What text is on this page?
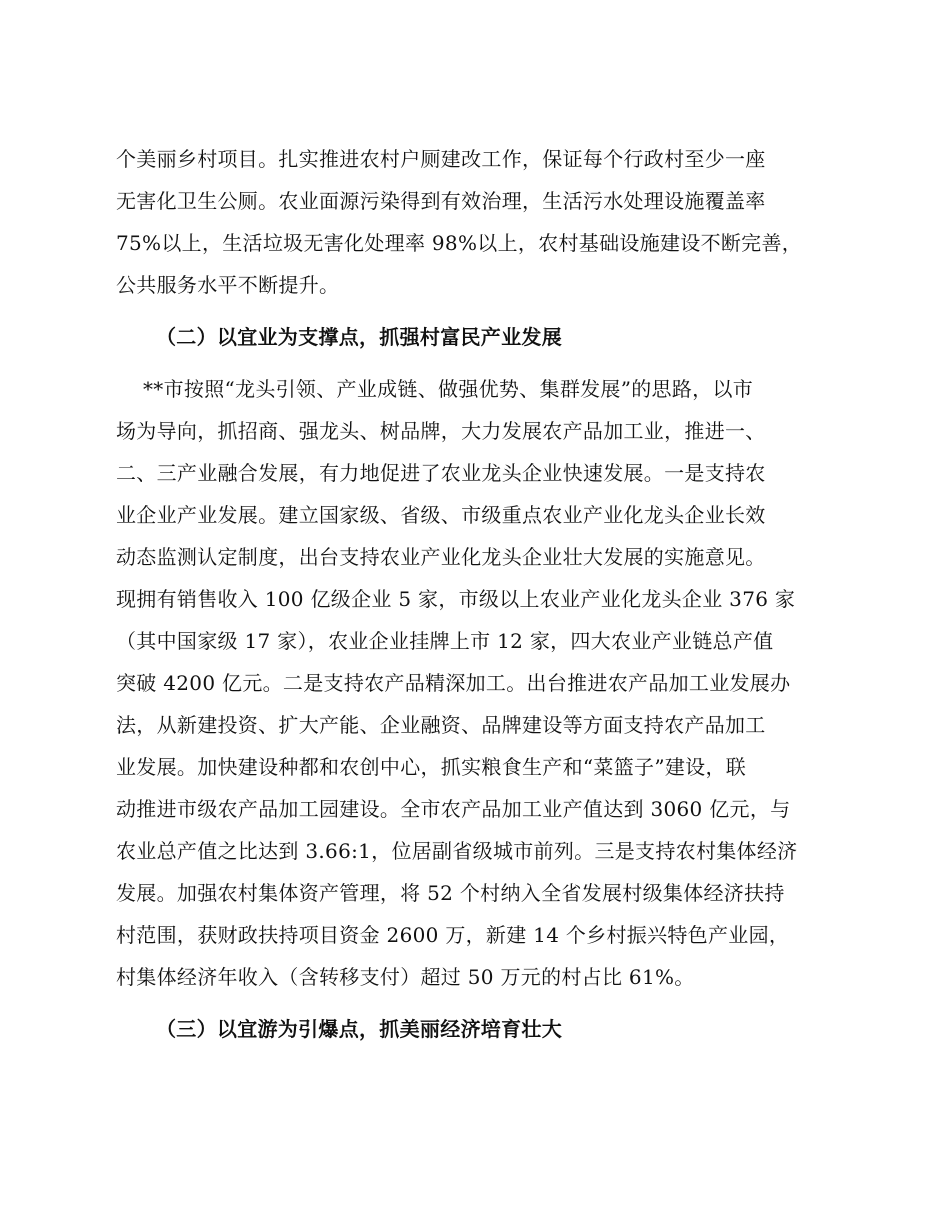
个美丽乡村项目。扎实推进农村户厕建改工作，保证每个行政村至少一座
无害化卫生公厕。农业面源污染得到有效治理，生活污水处理设施覆盖率
75%以上，生活垃圾无害化处理率 98%以上，农村基础设施建设不断完善，
公共服务水平不断提升。
（二）以宜业为支撑点，抓强村富民产业发展
**市按照“龙头引领、产业成链、做强优势、集群发展”的思路，以市
场为导向，抓招商、强龙头、树品牌，大力发展农产品加工业，推进一、
二、三产业融合发展，有力地促进了农业龙头企业快速发展。一是支持农
业企业产业发展。建立国家级、省级、市级重点农业产业化龙头企业长效
动态监测认定制度，出台支持农业产业化龙头企业壮大发展的实施意见。
现拥有销售收入 100 亿级企业 5 家，市级以上农业产业化龙头企业 376 家
（其中国家级 17 家），农业企业挂牌上市 12 家，四大农业产业链总产值
突破 4200 亿元。二是支持农产品精深加工。出台推进农产品加工业发展办
法，从新建投资、扩大产能、企业融资、品牌建设等方面支持农产品加工
业发展。加快建设种都和农创中心，抓实粮食生产和“菜篮子”建设，联
动推进市级农产品加工园建设。全市农产品加工业产值达到 3060 亿元，与
农业总产值之比达到 3.66:1，位居副省级城市前列。三是支持农村集体经济
发展。加强农村集体资产管理，将 52 个村纳入全省发展村级集体经济扶持
村范围，获财政扶持项目资金 2600 万，新建 14 个乡村振兴特色产业园，
村集体经济年收入（含转移支付）超过 50 万元的村占比 61%。
（三）以宜游为引爆点，抓美丽经济培育壮大
